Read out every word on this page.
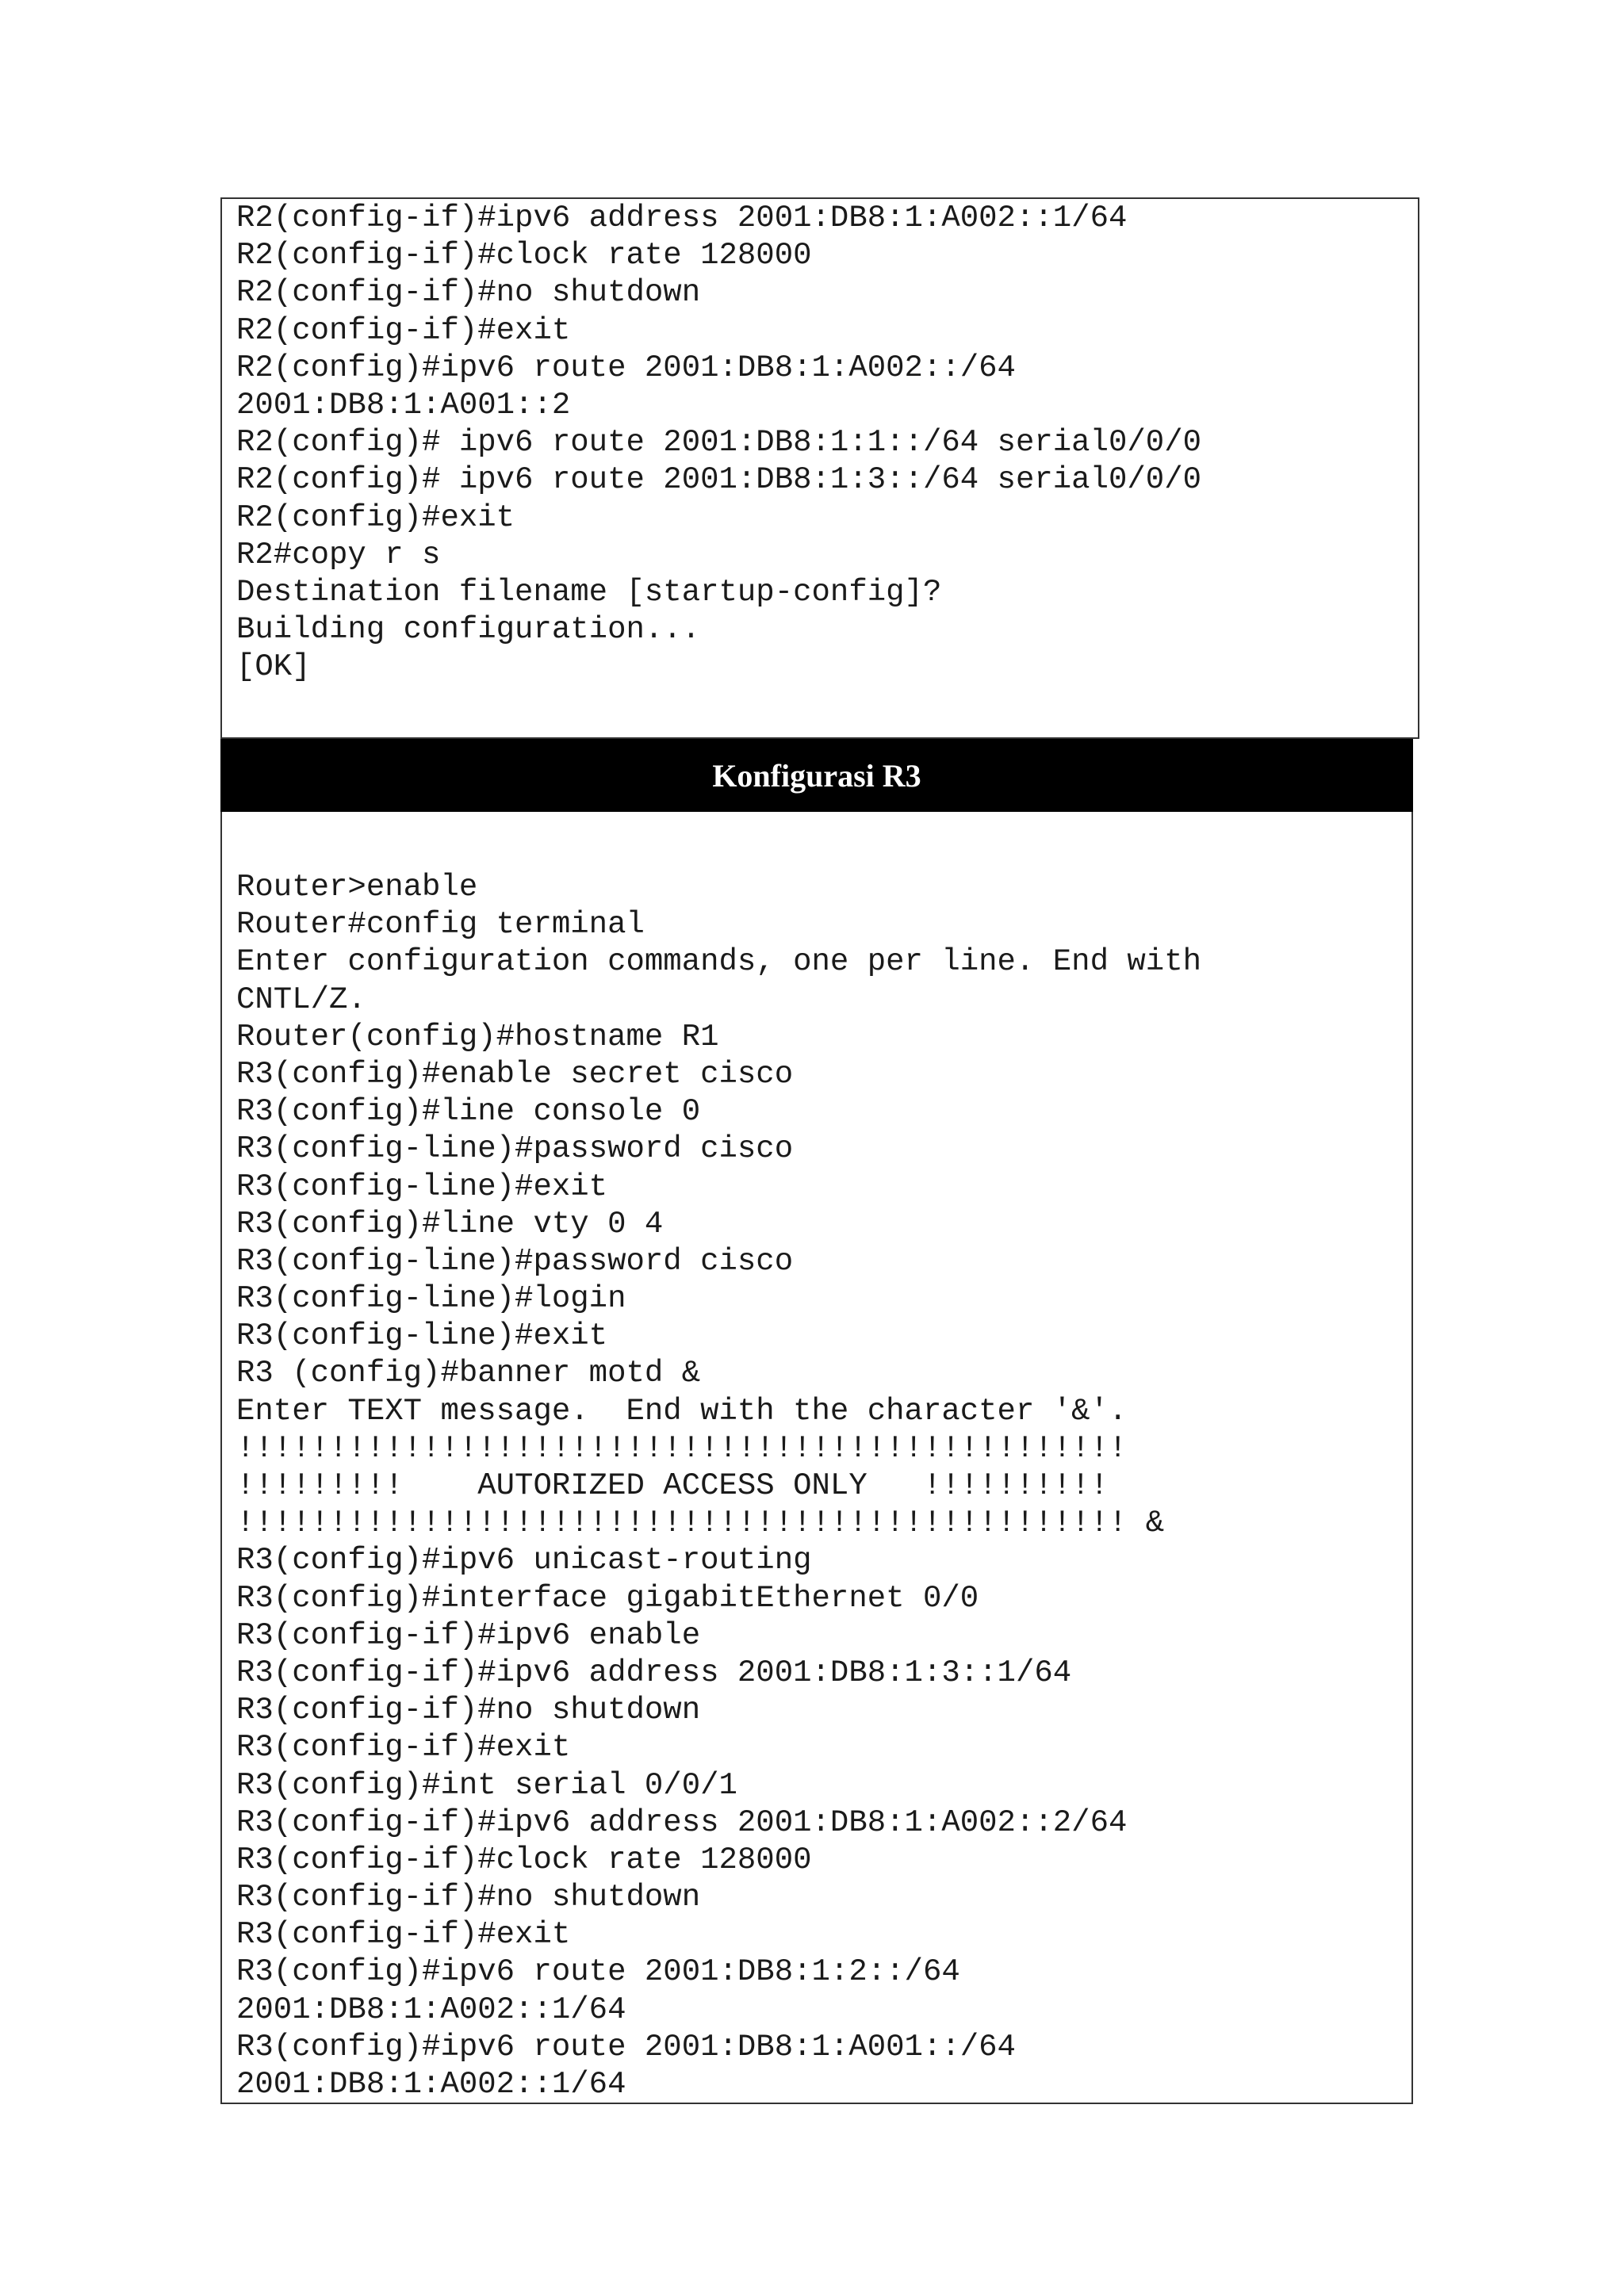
R2(config-if)#ipv6 address 2001:DB8:1:A002::1/64
R2(config-if)#clock rate 128000
R2(config-if)#no shutdown
R2(config-if)#exit
R2(config)#ipv6 route 2001:DB8:1:A002::/64
2001:DB8:1:A001::2
R2(config)# ipv6 route 2001:DB8:1:1::/64 serial0/0/0
R2(config)# ipv6 route 2001:DB8:1:3::/64 serial0/0/0
R2(config)#exit
R2#copy r s
Destination filename [startup-config]?
Building configuration...
[OK]
Konfigurasi R3
Router>enable
Router#config terminal
Enter configuration commands, one per line. End with
CNTL/Z.
Router(config)#hostname R1
R3(config)#enable secret cisco
R3(config)#line console 0
R3(config-line)#password cisco
R3(config-line)#exit
R3(config)#line vty 0 4
R3(config-line)#password cisco
R3(config-line)#login
R3(config-line)#exit
R3 (config)#banner motd &
Enter TEXT message.  End with the character '&'.
!!!!!!!!!!!!!!!!!!!!!!!!!!!!!!!!!!!!!!!!!!!!!!!!
!!!!!!!!!    AUTORIZED ACCESS ONLY   !!!!!!!!!!
!!!!!!!!!!!!!!!!!!!!!!!!!!!!!!!!!!!!!!!!!!!!!!!! &
R3(config)#ipv6 unicast-routing
R3(config)#interface gigabitEthernet 0/0
R3(config-if)#ipv6 enable
R3(config-if)#ipv6 address 2001:DB8:1:3::1/64
R3(config-if)#no shutdown
R3(config-if)#exit
R3(config)#int serial 0/0/1
R3(config-if)#ipv6 address 2001:DB8:1:A002::2/64
R3(config-if)#clock rate 128000
R3(config-if)#no shutdown
R3(config-if)#exit
R3(config)#ipv6 route 2001:DB8:1:2::/64
2001:DB8:1:A002::1/64
R3(config)#ipv6 route 2001:DB8:1:A001::/64
2001:DB8:1:A002::1/64
